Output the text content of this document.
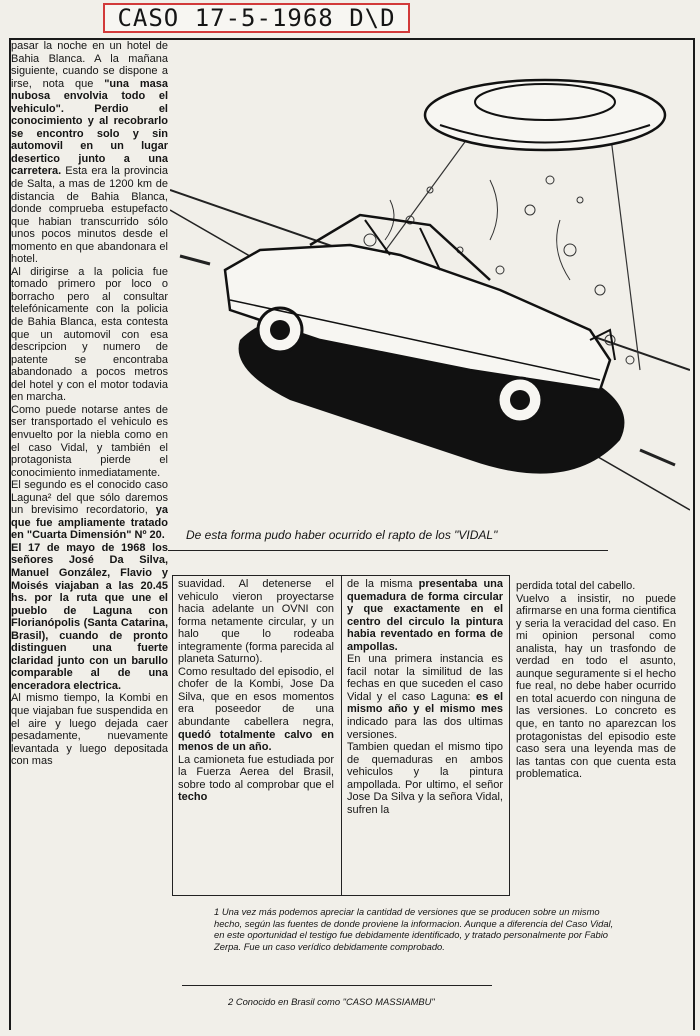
CASO 17-5-1968 D\D

pasar la noche en un hotel de Bahia Blanca. A la mañana siguiente, cuando se dispone a irse, nota que "una masa nubosa envolvia todo el vehiculo". Perdio el conocimiento y al recobrarlo se encontro solo y sin automovil en un lugar desertico junto a una carretera. Esta era la provincia de Salta, a mas de 1200 km de distancia de Bahia Blanca, donde comprueba estupefacto que habian transcurrido sólo unos pocos minutos desde el momento en que abandonara el hotel.

Al dirigirse a la policia fue tomado primero por loco o borracho pero al consultar telefónicamente con la policia de Bahia Blanca, esta contesta que un automovil con esa descripcion y numero de patente se encontraba abandonado a pocos metros del hotel y con el motor todavia en marcha.

Como puede notarse antes de ser transportado el vehiculo es envuelto por la niebla como en el caso Vidal, y también el protagonista pierde el conocimiento inmediatamente.

El segundo es el conocido caso Laguna² del que sólo daremos un brevisimo recordatorio, ya que fue ampliamente tratado en "Cuarta Dimensión" Nº 20.

El 17 de mayo de 1968 los señores José Da Silva, Manuel González, Flavio y Moisés viajaban a las 20.45 hs. por la ruta que une el pueblo de Laguna con Florianópolis (Santa Catarina, Brasil), cuando de pronto distinguen una fuerte claridad junto con un barullo comparable al de una enceradora electrica.

Al mismo tiempo, la Kombi en que viajaban fue suspendida en el aire y luego dejada caer pesadamente, nuevamente levantada y luego depositada con mas

De esta forma pudo haber ocurrido el rapto de los "VIDAL"

suavidad. Al detenerse el vehiculo vieron proyectarse hacia adelante un OVNI con forma netamente circular, y un halo que lo rodeaba integramente (forma parecida al planeta Saturno).

Como resultado del episodio, el chofer de la Kombi, Jose Da Silva, que en esos momentos era poseedor de una abundante cabellera negra, quedó totalmente calvo en menos de un año.

La camioneta fue estudiada por la Fuerza Aerea del Brasil, sobre todo al comprobar que el techo

de la misma presentaba una quemadura de forma circular y que exactamente en el centro del circulo la pintura habia reventado en forma de ampollas.

En una primera instancia es facil notar la similitud de las fechas en que suceden el caso Vidal y el caso Laguna: es el mismo año y el mismo mes indicado para las dos ultimas versiones.

Tambien quedan el mismo tipo de quemaduras en ambos vehiculos y la pintura ampollada. Por ultimo, el señor Jose Da Silva y la señora Vidal, sufren la

perdida total del cabello.

Vuelvo a insistir, no puede afirmarse en una forma cientifica y seria la veracidad del caso. En mi opinion personal como analista, hay un trasfondo de verdad en todo el asunto, aunque seguramente si el hecho fue real, no debe haber ocurrido en total acuerdo con ninguna de las versiones. Lo concreto es que, en tanto no aparezcan los protagonistas del episodio este caso sera una leyenda mas de las tantas con que cuenta esta problematica.

1 Una vez más podemos apreciar la cantidad de versiones que se producen sobre un mismo hecho, según las fuentes de donde proviene la informacion. Aunque a diferencia del Caso Vidal, en este oportunidad el testigo fue debidamente identificado, y tratado personalmente por Fabio Zerpa. Fue un caso verídico debidamente comprobado.

2 Conocido en Brasil como "CASO MASSIAMBU"
